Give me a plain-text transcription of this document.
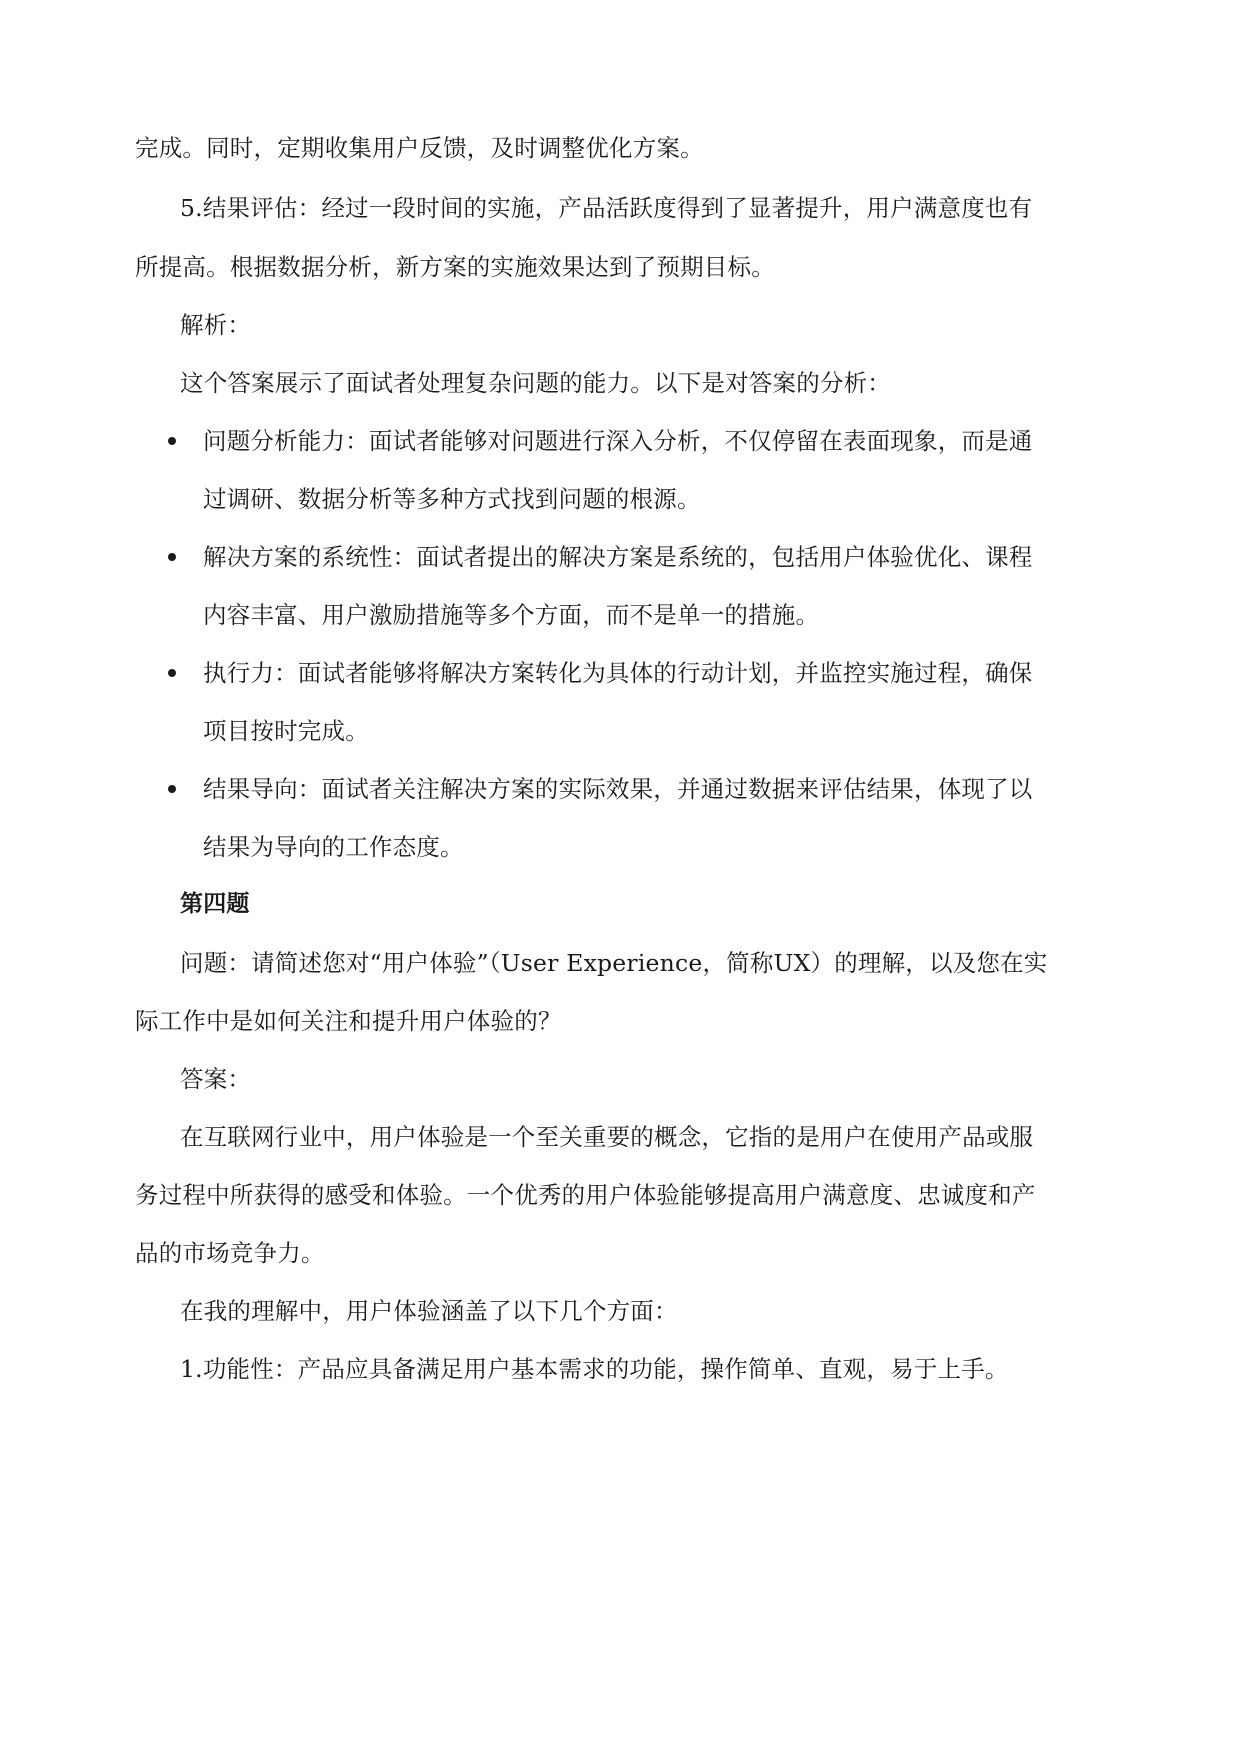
完成。同时，定期收集用户反馈，及时调整优化方案。
5.结果评估：经过一段时间的实施，产品活跃度得到了显著提升，用户满意度也有
所提高。根据数据分析，新方案的实施效果达到了预期目标。
解析：
这个答案展示了面试者处理复杂问题的能力。以下是对答案的分析：
问题分析能力：面试者能够对问题进行深入分析，不仅停留在表面现象，而是通
过调研、数据分析等多种方式找到问题的根源。
解决方案的系统性：面试者提出的解决方案是系统的，包括用户体验优化、课程
内容丰富、用户激励措施等多个方面，而不是单一的措施。
执行力：面试者能够将解决方案转化为具体的行动计划，并监控实施过程，确保
项目按时完成。
结果导向：面试者关注解决方案的实际效果，并通过数据来评估结果，体现了以
结果为导向的工作态度。
第四题
问题：请简述您对“用户体验”（User Experience，简称UX）的理解，以及您在实
际工作中是如何关注和提升用户体验的？
答案：
在互联网行业中，用户体验是一个至关重要的概念，它指的是用户在使用产品或服
务过程中所获得的感受和体验。一个优秀的用户体验能够提高用户满意度、忠诚度和产
品的市场竞争力。
在我的理解中，用户体验涵盖了以下几个方面：
1.功能性：产品应具备满足用户基本需求的功能，操作简单、直观，易于上手。
